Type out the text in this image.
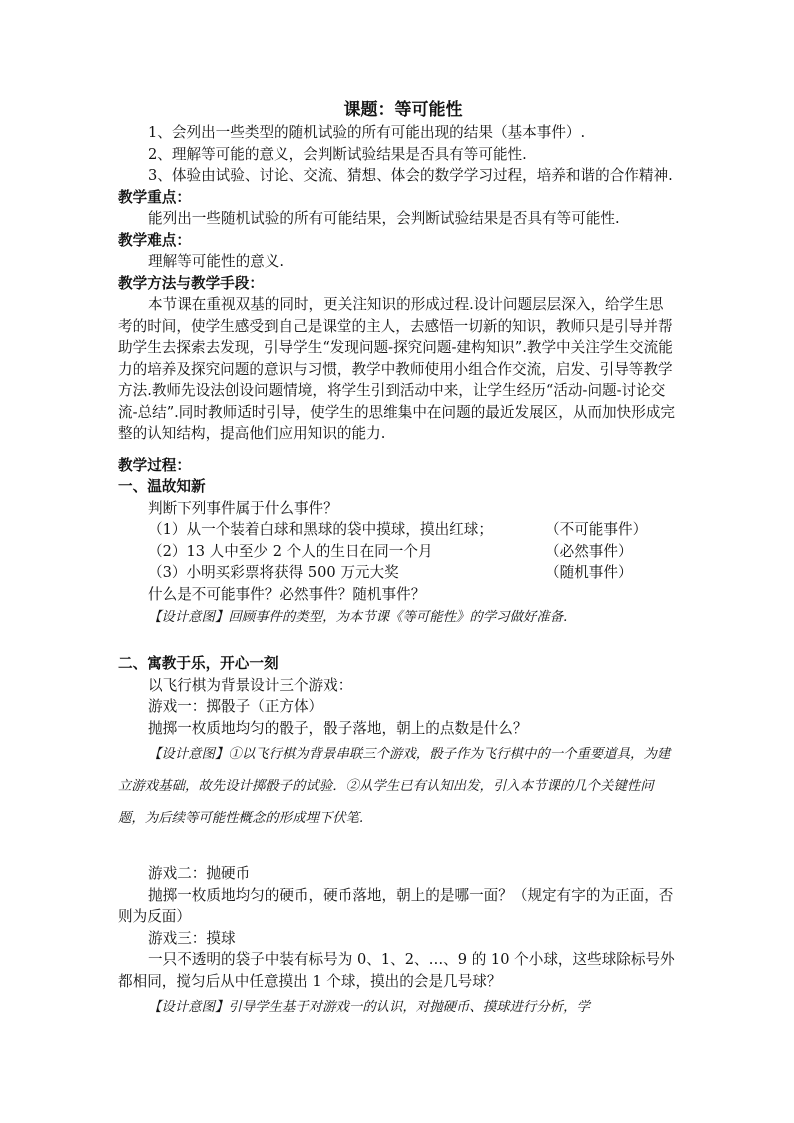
课题：等可能性

1、会列出一些类型的随机试验的所有可能出现的结果（基本事件）.

2、理解等可能的意义，会判断试验结果是否具有等可能性.

3、体验由试验、讨论、交流、猜想、体会的数学学习过程，培养和谐的合作精神.

教学重点：

能列出一些随机试验的所有可能结果，会判断试验结果是否具有等可能性.

教学难点：

理解等可能性的意义.

教学方法与教学手段：

本节课在重视双基的同时，更关注知识的形成过程.设计问题层层深入，给学生思考的时间，使学生感受到自己是课堂的主人，去感悟一切新的知识，教师只是引导并帮助学生去探索去发现，引导学生“发现问题-探究问题-建构知识”.教学中关注学生交流能力的培养及探究问题的意识与习惯，教学中教师使用小组合作交流，启发、引导等教学方法.教师先设法创设问题情境，将学生引到活动中来，让学生经历“活动-问题-讨论交流-总结”.同时教师适时引导，使学生的思维集中在问题的最近发展区，从而加快形成完整的认知结构，提高他们应用知识的能力.

教学过程：

一、温故知新

判断下列事件属于什么事件？

（1）从一个装着白球和黑球的袋中摸球，摸出红球；	（不可能事件）
（2）13 人中至少 2 个人的生日在同一个月	（必然事件）
（3）小明买彩票将获得 500 万元大奖	（随机事件）

什么是不可能事件？必然事件？随机事件？

【设计意图】回顾事件的类型，为本节课《等可能性》的学习做好准备.

二、寓教于乐，开心一刻

以飞行棋为背景设计三个游戏：

游戏一：掷骰子（正方体）

抛掷一枚质地均匀的骰子，骰子落地，朝上的点数是什么？

【设计意图】①以飞行棋为背景串联三个游戏，骰子作为飞行棋中的一个重要道具，为建立游戏基础，故先设计掷骰子的试验．②从学生已有认知出发，引入本节课的几个关键性问题，为后续等可能性概念的形成埋下伏笔.

游戏二：抛硬币

抛掷一枚质地均匀的硬币，硬币落地，朝上的是哪一面？（规定有字的为正面，否则为反面）

游戏三：摸球

一只不透明的袋子中装有标号为 0、1、2、…、9 的 10 个小球，这些球除标号外都相同，搅匀后从中任意摸出 1 个球，摸出的会是几号球？

【设计意图】引导学生基于对游戏一的认识，对抛硬币、摸球进行分析，学
